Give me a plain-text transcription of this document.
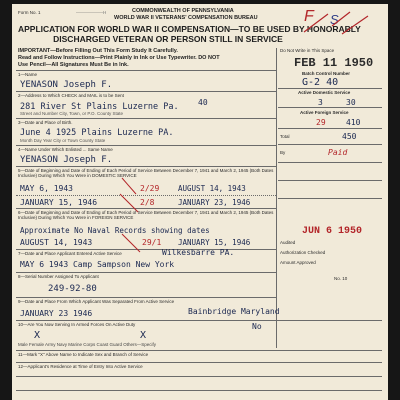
Form No. 1	——————H	COMMONWEALTH OF PENNSYLVANIA
WORLD WAR II VETERANS' COMPENSATION BUREAU
APPLICATION FOR WORLD WAR II COMPENSATION—TO BE USED BY HONORABLY
DISCHARGED VETERAN OR PERSON STILL IN SERVICE
F S
IMPORTANT—Before Filling Out This Form Study It Carefully.
Read and Follow Instructions—Print Plainly in Ink or Use Typewriter. DO NOT
Use Pencil—All Signatures Must Be in Ink.
Do Not Write in This Space
FEB 11 1950
Batch Control Number
G-2 40
Active Domestic Service
3	30
Active Foreign Service
29	410
Total	450
By	Paid
JUN 6 1950
Audited
Authorization Checked
Amount Approved
No. 10
1—Name
YENASON Joseph F.
2—Address to Which CHECK and MAIL is to be Sent
281 River St Plains Luzerne Pa. 40
Street and Number City, Town, or P.O. County State
3—Date and Place of Birth.
June 4 1925 Plains Luzerne PA.
Month Day Year City or Town County State
4—Name Under Which Enlisted ... Same Name
YENASON Joseph F.
5—Date of Beginning and Date of Ending of Each Period of Service Between December 7, 1941 and March 2, 1945 (Both Dates Inclusive) During Which You Were in DOMESTIC SERVICE
MAY 6, 1943	2/29 AUGUST 14, 1943
JANUARY 15, 1946	2/8	JANUARY 23, 1946
6—Date of Beginning and Date of Ending of Each Period of Service Between December 7, 1941 and March 2, 1945 (Both Dates Inclusive) During Which You Were in FOREIGN SERVICE
Approximate No Naval Records showing dates
AUGUST 14, 1943	29/1 JANUARY 15, 1946
7—Date and Place Applicant Entered Active Service	Wilkesbarre PA.
MAY 6 1943 Camp Sampson New York
8—Serial Number Assigned To Applicant
249-92-80
9—Date and Place From Which Applicant Was Separated From Active Service
JANUARY 23 1946	Bainbridge Maryland
10—Are You Now Serving In Armed Forces On Active Duty	No
X	X
Male Female Army Navy Marine Corps Coast Guard Others—Specify
11—Mark "X" Above Name to Indicate Sex and Branch of Service
12—Applicant's Residence at Time of Entry Into Active Service
